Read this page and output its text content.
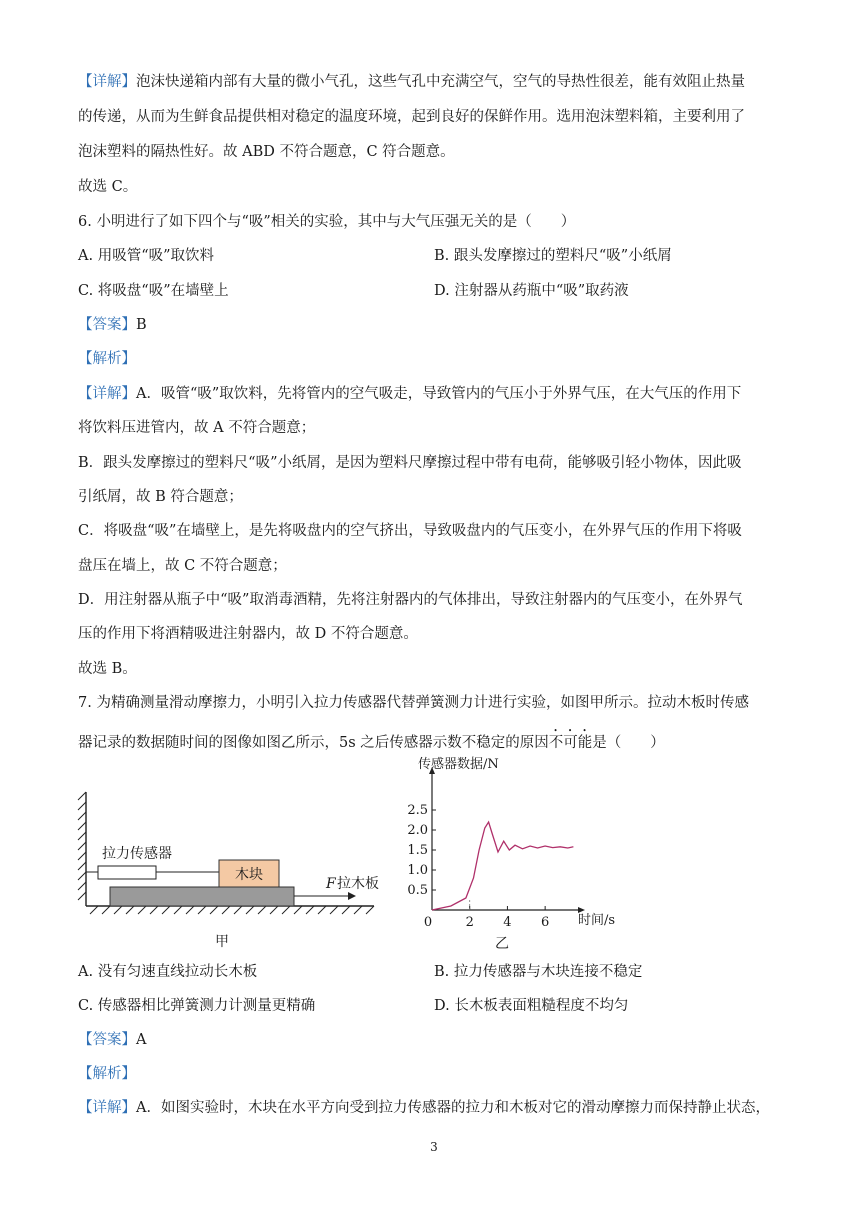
【详解】泡沫快递箱内部有大量的微小气孔，这些气孔中充满空气，空气的导热性很差，能有效阻止热量
的传递，从而为生鲜食品提供相对稳定的温度环境，起到良好的保鲜作用。选用泡沫塑料箱，主要利用了
泡沫塑料的隔热性好。故 ABD 不符合题意，C 符合题意。
故选 C。
6. 小明进行了如下四个与“吸”相关的实验，其中与大气压强无关的是（　　）
A. 用吸管“吸”取饮料	B. 跟头发摩擦过的塑料尺“吸”小纸屑
C. 将吸盘“吸”在墙壁上	D. 注射器从药瓶中“吸”取药液
【答案】B
【解析】
【详解】A．吸管“吸”取饮料，先将管内的空气吸走，导致管内的气压小于外界气压，在大气压的作用下
将饮料压进管内，故 A 不符合题意；
B．跟头发摩擦过的塑料尺“吸”小纸屑，是因为塑料尺摩擦过程中带有电荷，能够吸引轻小物体，因此吸
引纸屑，故 B 符合题意；
C．将吸盘“吸”在墙壁上，是先将吸盘内的空气挤出，导致吸盘内的气压变小，在外界气压的作用下将吸
盘压在墙上，故 C 不符合题意；
D．用注射器从瓶子中“吸”取消毒酒精，先将注射器内的气体排出，导致注射器内的气压变小，在外界气
压的作用下将酒精吸进注射器内，故 D 不符合题意。
故选 B。
7. 为精确测量滑动摩擦力，小明引入拉力传感器代替弹簧测力计进行实验，如图甲所示。拉动木板时传感
器记录的数据随时间的图像如图乙所示，5s 之后传感器示数不稳定的原因不可能是（　　）
拉力传感器
木块
F 拉木板
甲
0	2 4 6
0.5
1.0
1.5
2.0
2.5
传感器数据/N
时间/s
乙
A. 没有匀速直线拉动长木板	B. 拉力传感器与木块连接不稳定
C. 传感器相比弹簧测力计测量更精确	D. 长木板表面粗糙程度不均匀
【答案】A
【解析】
【详解】A．如图实验时，木块在水平方向受到拉力传感器的拉力和木板对它的滑动摩擦力而保持静止状态，
3
